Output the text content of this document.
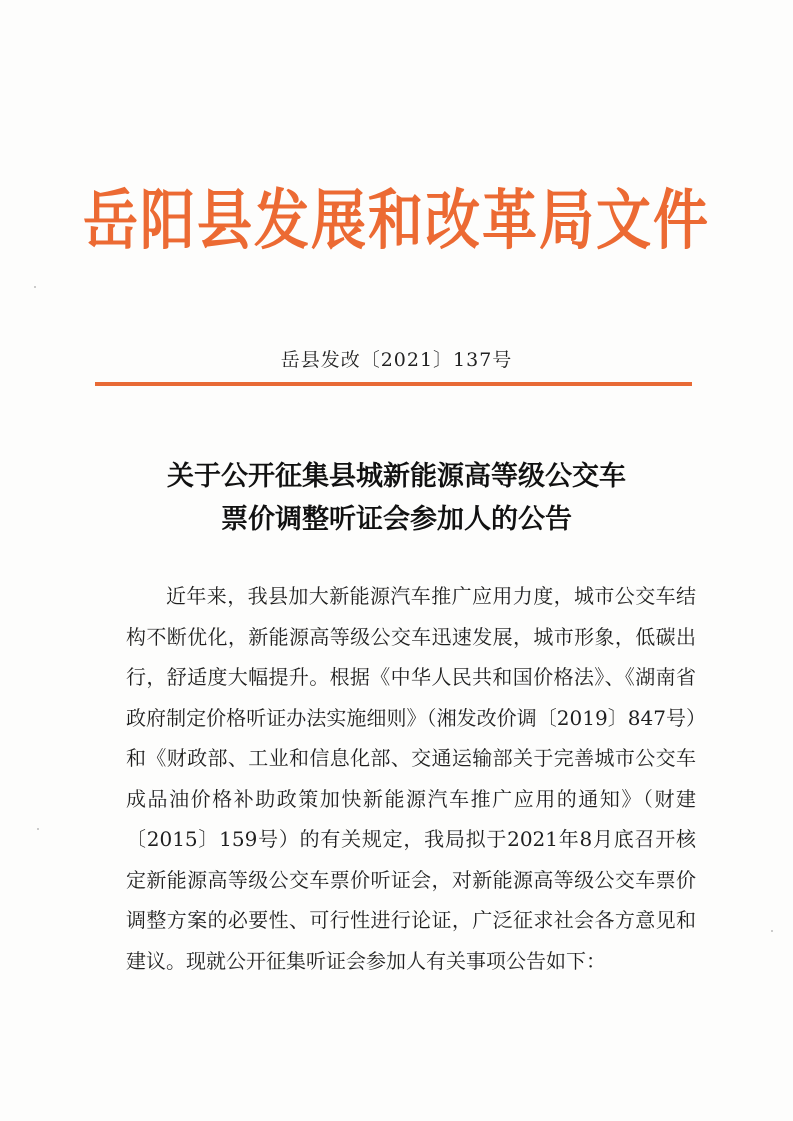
岳阳县发展和改革局文件
岳县发改〔2021〕137号
关于公开征集县城新能源高等级公交车
票价调整听证会参加人的公告

近年来，我县加大新能源汽车推广应用力度，城市公交车结构不断优化，新能源高等级公交车迅速发展，城市形象，低碳出行，舒适度大幅提升。根据《中华人民共和国价格法》、《湖南省政府制定价格听证办法实施细则》（湘发改价调〔2019〕847号）和《财政部、工业和信息化部、交通运输部关于完善城市公交车成品油价格补助政策加快新能源汽车推广应用的通知》（财建〔2015〕159号）的有关规定，我局拟于2021年8月底召开核定新能源高等级公交车票价听证会，对新能源高等级公交车票价调整方案的必要性、可行性进行论证，广泛征求社会各方意见和建议。现就公开征集听证会参加人有关事项公告如下：
